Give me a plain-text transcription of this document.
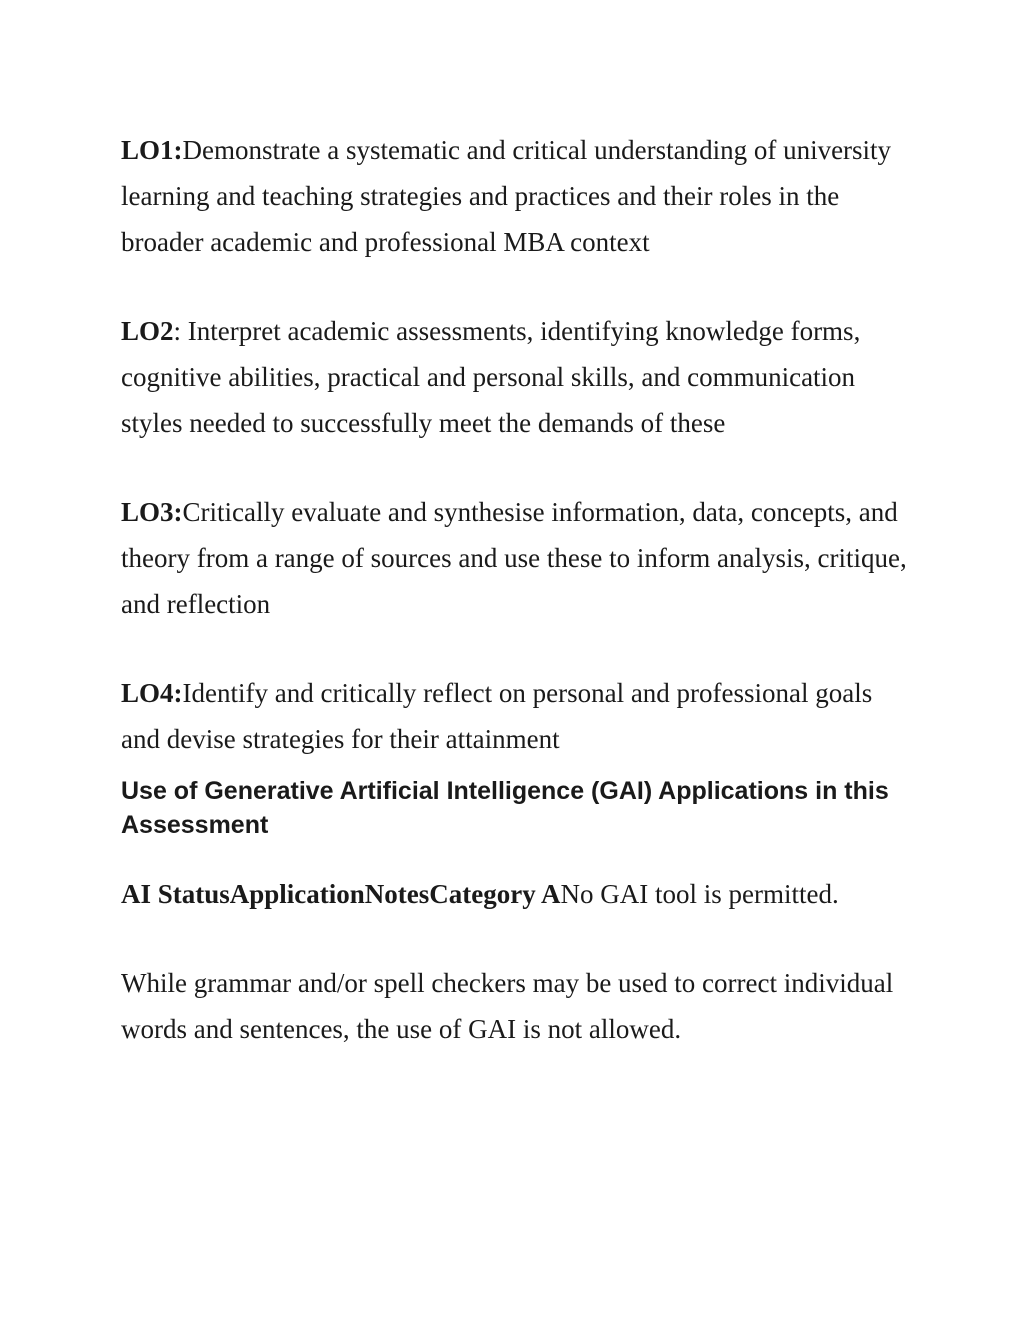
LO1:Demonstrate a systematic and critical understanding of university learning and teaching strategies and practices and their roles in the broader academic and professional MBA context

LO2: Interpret academic assessments, identifying knowledge forms, cognitive abilities, practical and personal skills, and communication styles needed to successfully meet the demands of these

LO3:Critically evaluate and synthesise information, data, concepts, and theory from a range of sources and use these to inform analysis, critique, and reflection

LO4:Identify and critically reflect on personal and professional goals and devise strategies for their attainment

Use of Generative Artificial Intelligence (GAI) Applications in this Assessment

AI StatusApplicationNotesCategory ANo GAI tool is permitted.

While grammar and/or spell checkers may be used to correct individual words and sentences, the use of GAI is not allowed.
